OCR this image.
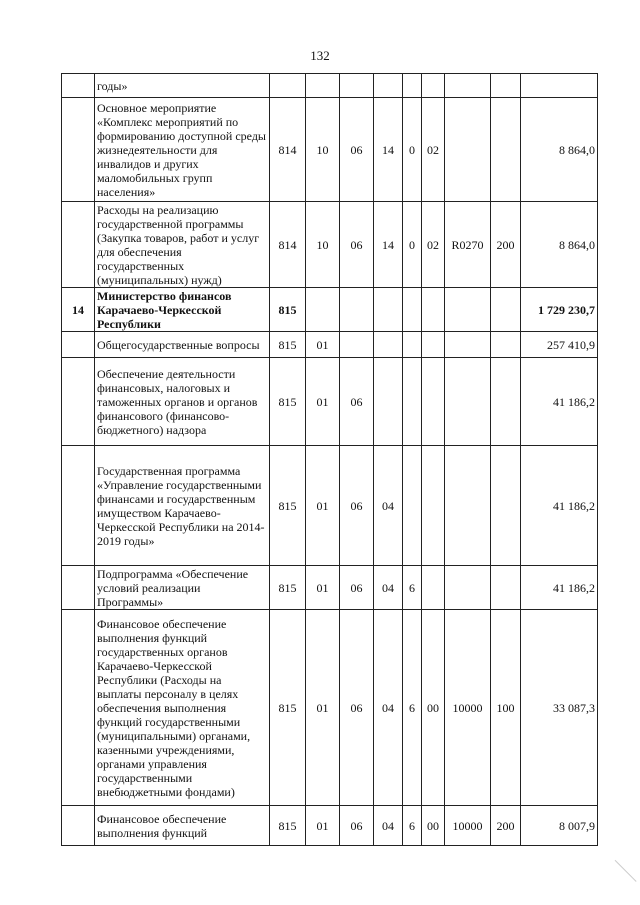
132
	годы»									
	Основное мероприятие «Комплекс мероприятий по формированию доступной среды жизнедеятельности для инвалидов и других маломобильных групп населения»	814	10	06	14	0	02			8 864,0
	Расходы на реализацию государственной программы (Закупка товаров, работ и услуг для обеспечения государственных (муниципальных) нужд)	814	10	06	14	0	02	R0270	200	8 864,0
14	Министерство финансов Карачаево-Черкесской Республики	815								1 729 230,7
	Общегосударственные вопросы	815	01							257 410,9
	Обеспечение деятельности финансовых, налоговых и таможенных органов и органов финансового (финансово-бюджетного) надзора	815	01	06						41 186,2
	Государственная программа «Управление государственными финансами и государственным имуществом Карачаево-Черкесской Республики на 2014-2019 годы»	815	01	06	04					41 186,2
	Подпрограмма «Обеспечение условий реализации Программы»	815	01	06	04	6				41 186,2
	Финансовое обеспечение выполнения функций государственных органов Карачаево-Черкесской Республики (Расходы на выплаты персоналу в целях обеспечения выполнения функций государственными (муниципальными) органами, казенными учреждениями, органами управления государственными внебюджетными фондами)	815	01	06	04	6	00	10000	100	33 087,3
	Финансовое обеспечение выполнения функций	815	01	06	04	6	00	10000	200	8 007,9
